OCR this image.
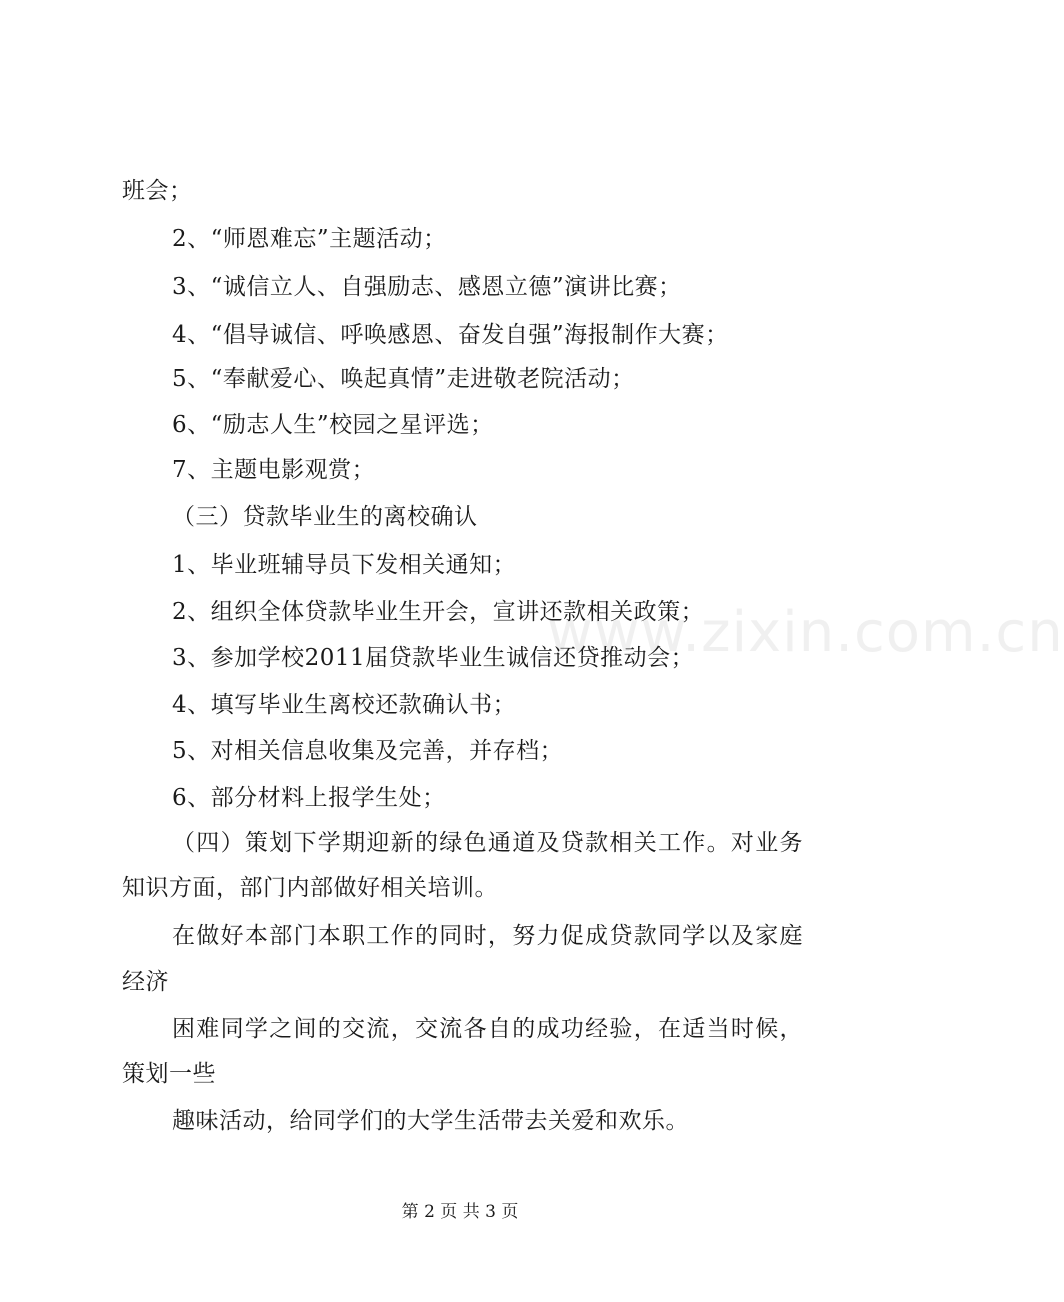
www.zixin.com.cn
班会；
2、“师恩难忘”主题活动；
3、“诚信立人、自强励志、感恩立德”演讲比赛；
4、“倡导诚信、呼唤感恩、奋发自强”海报制作大赛；
5、“奉献爱心、唤起真情”走进敬老院活动；
6、“励志人生”校园之星评选；
7、主题电影观赏；
（三）贷款毕业生的离校确认
1、毕业班辅导员下发相关通知；
2、组织全体贷款毕业生开会，宣讲还款相关政策；
3、参加学校2011届贷款毕业生诚信还贷推动会；
4、填写毕业生离校还款确认书；
5、对相关信息收集及完善，并存档；
6、部分材料上报学生处；
（四）策划下学期迎新的绿色通道及贷款相关工作。对业务
知识方面，部门内部做好相关培训。
在做好本部门本职工作的同时，努力促成贷款同学以及家庭
经济
困难同学之间的交流，交流各自的成功经验，在适当时候，
策划一些
趣味活动，给同学们的大学生活带去关爱和欢乐。
第 2 页 共 3 页
